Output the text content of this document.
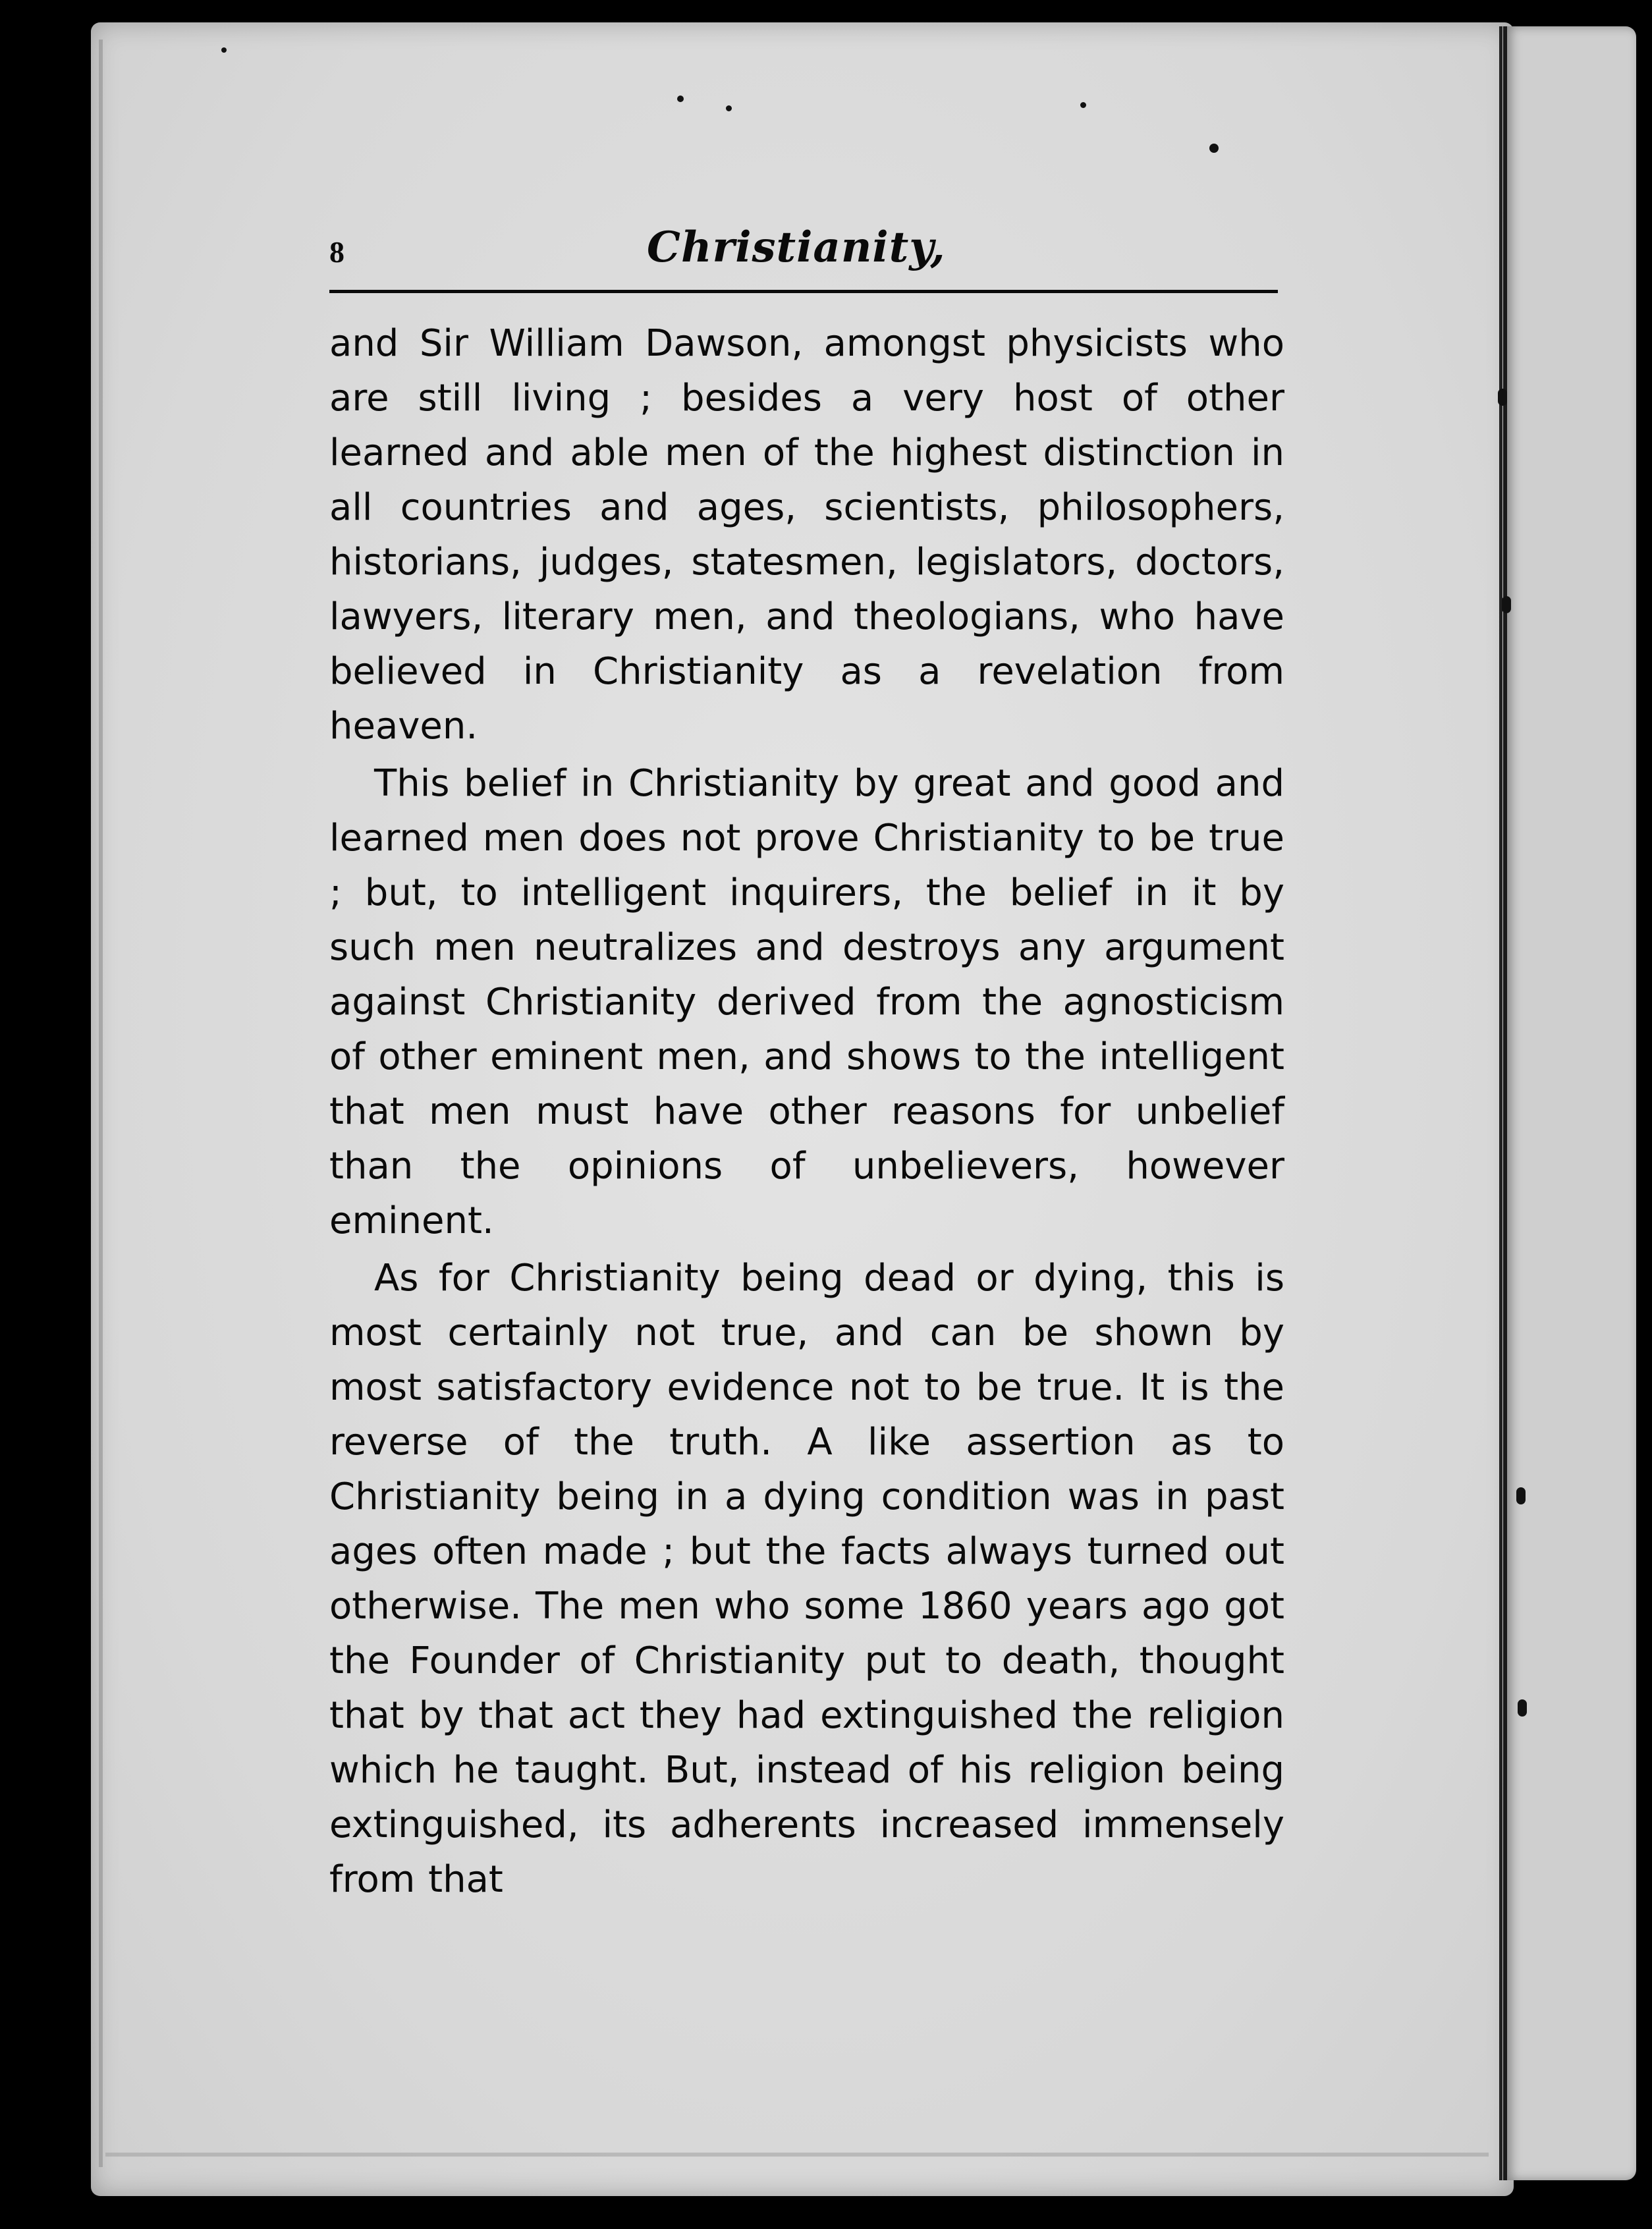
8	Christianity,

and Sir William Dawson, amongst physicists who are still living ; besides a very host of other learned and able men of the highest distinction in all countries and ages, scientists, philosophers, historians, judges, statesmen, legislators, doctors, lawyers, literary men, and theologians, who have believed in Christianity as a revelation from heaven.

This belief in Christianity by great and good and learned men does not prove Christianity to be true ; but, to intelligent inquirers, the belief in it by such men neutralizes and destroys any argument against Christianity derived from the agnosticism of other eminent men, and shows to the intelligent that men must have other reasons for unbelief than the opinions of unbelievers, however eminent.

As for Christianity being dead or dying, this is most certainly not true, and can be shown by most satisfactory evidence not to be true. It is the reverse of the truth. A like assertion as to Christianity being in a dying condition was in past ages often made ; but the facts always turned out otherwise. The men who some 1860 years ago got the Founder of Christianity put to death, thought that by that act they had extinguished the religion which he taught. But, instead of his religion being extinguished, its adherents increased immensely from that
